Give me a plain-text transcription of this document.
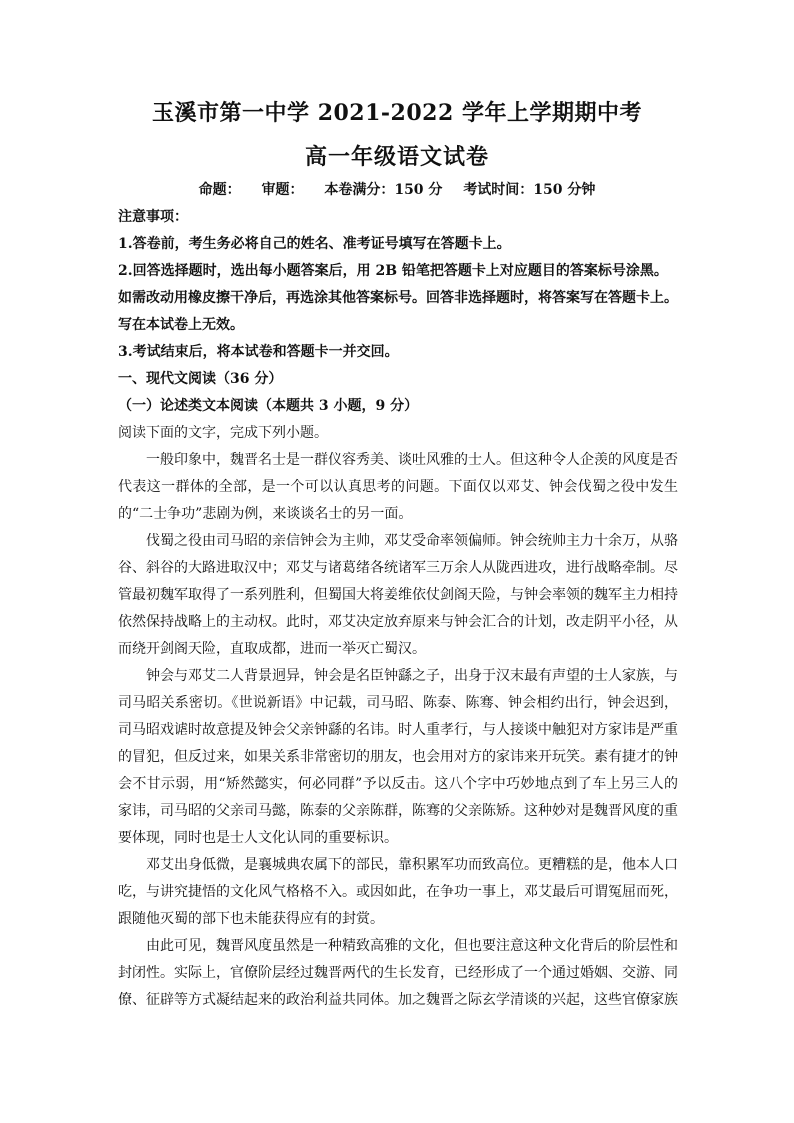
玉溪市第一中学 2021-2022 学年上学期期中考
高一年级语文试卷
命题： 审题： 本卷满分：150 分 考试时间：150 分钟

注意事项：

1.答卷前，考生务必将自己的姓名、准考证号填写在答题卡上。

2.回答选择题时，选出每小题答案后，用 2B 铅笔把答题卡上对应题目的答案标号涂黑。如需改动用橡皮擦干净后，再选涂其他答案标号。回答非选择题时，将答案写在答题卡上。写在本试卷上无效。

3.考试结束后，将本试卷和答题卡一并交回。

一、现代文阅读（36 分）

（一）论述类文本阅读（本题共 3 小题，9 分）

阅读下面的文字，完成下列小题。

一般印象中，魏晋名士是一群仪容秀美、谈吐风雅的士人。但这种令人企羡的风度是否代表这一群体的全部，是一个可以认真思考的问题。下面仅以邓艾、钟会伐蜀之役中发生的“二士争功”悲剧为例，来谈谈名士的另一面。

伐蜀之役由司马昭的亲信钟会为主帅，邓艾受命率领偏师。钟会统帅主力十余万，从骆谷、斜谷的大路进取汉中；邓艾与诸葛绪各统诸军三万余人从陇西进攻，进行战略牵制。尽管最初魏军取得了一系列胜利，但蜀国大将姜维依仗剑阁天险，与钟会率领的魏军主力相持依然保持战略上的主动权。此时，邓艾决定放弃原来与钟会汇合的计划，改走阴平小径，从而绕开剑阁天险，直取成都，进而一举灭亡蜀汉。

钟会与邓艾二人背景迥异，钟会是名臣钟繇之子，出身于汉末最有声望的士人家族，与司马昭关系密切。《世说新语》中记载，司马昭、陈泰、陈骞、钟会相约出行，钟会迟到，司马昭戏谑时故意提及钟会父亲钟繇的名讳。时人重孝行，与人接谈中触犯对方家讳是严重的冒犯，但反过来，如果关系非常密切的朋友，也会用对方的家讳来开玩笑。素有捷才的钟会不甘示弱，用“矫然懿实，何必同群”予以反击。这八个字中巧妙地点到了车上另三人的家讳，司马昭的父亲司马懿，陈泰的父亲陈群，陈骞的父亲陈矫。这种妙对是魏晋风度的重要体现，同时也是士人文化认同的重要标识。

邓艾出身低微，是襄城典农属下的部民，靠积累军功而致高位。更糟糕的是，他本人口吃，与讲究捷悟的文化风气格格不入。或因如此，在争功一事上，邓艾最后可谓冤屈而死，跟随他灭蜀的部下也未能获得应有的封赏。

由此可见，魏晋风度虽然是一种精致高雅的文化，但也要注意这种文化背后的阶层性和封闭性。实际上，官僚阶层经过魏晋两代的生长发育，已经形成了一个通过婚姻、交游、同僚、征辟等方式凝结起来的政治利益共同体。加之魏晋之际玄学清谈的兴起，这些官僚家族
